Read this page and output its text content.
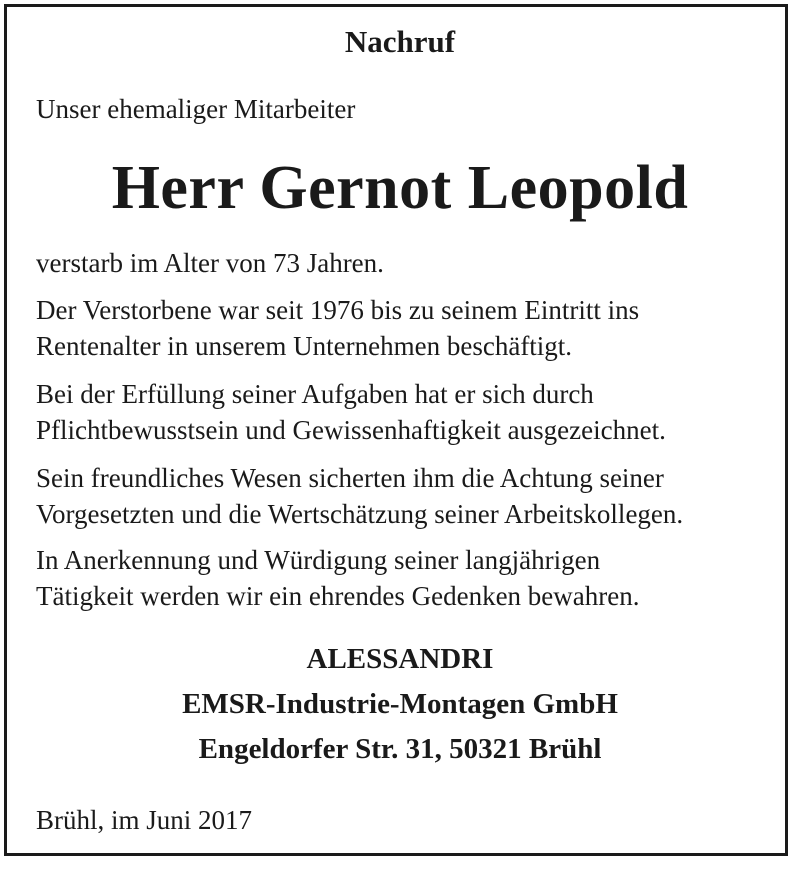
Nachruf
Unser ehemaliger Mitarbeiter
Herr Gernot Leopold
verstarb im Alter von 73 Jahren.
Der Verstorbene war seit 1976 bis zu seinem Eintritt ins
Rentenalter in unserem Unternehmen beschäftigt.
Bei der Erfüllung seiner Aufgaben hat er sich durch
Pflichtbewusstsein und Gewissenhaftigkeit ausgezeichnet.
Sein freundliches Wesen sicherten ihm die Achtung seiner
Vorgesetzten und die Wertschätzung seiner Arbeitskollegen.
In Anerkennung und Würdigung seiner langjährigen
Tätigkeit werden wir ein ehrendes Gedenken bewahren.
ALESSANDRI
EMSR-Industrie-Montagen GmbH
Engeldorfer Str. 31, 50321 Brühl
Brühl, im Juni 2017
